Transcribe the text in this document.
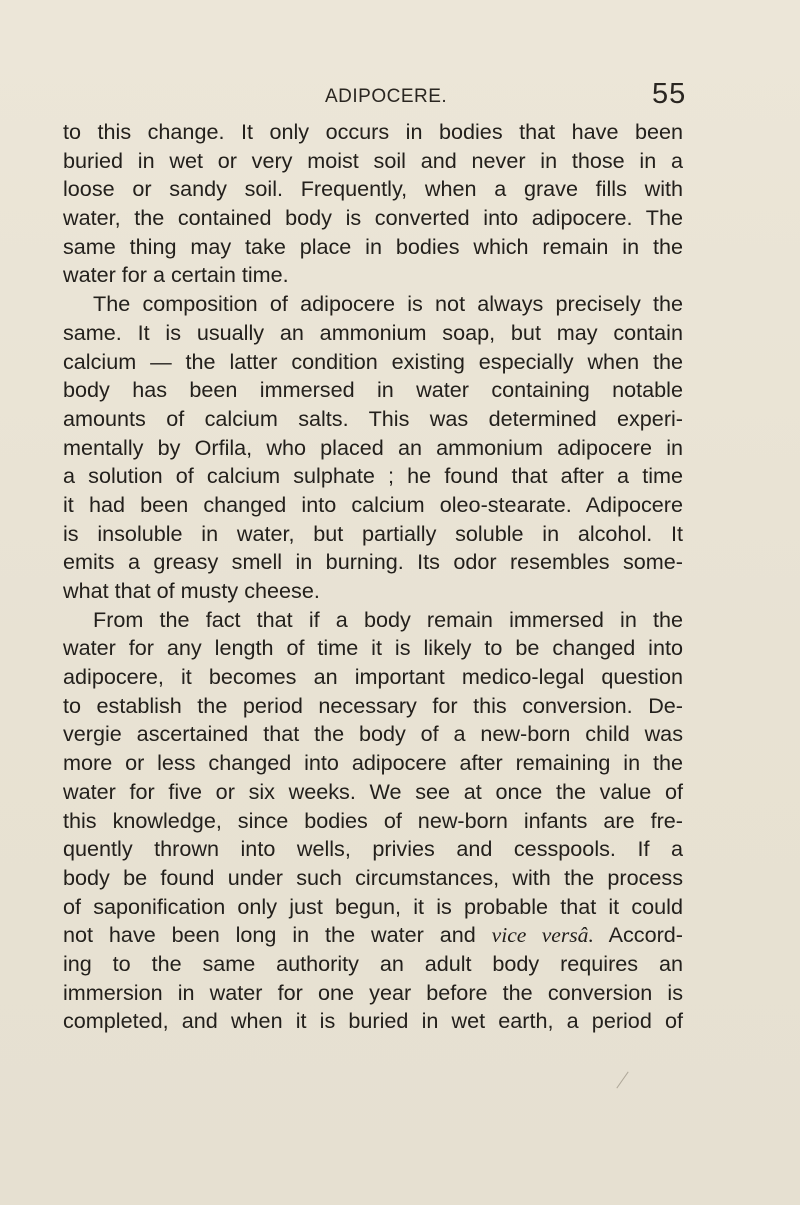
ADIPOCERE.	55
to this change. It only occurs in bodies that have been
buried in wet or very moist soil and never in those in a
loose or sandy soil. Frequently, when a grave fills with
water, the contained body is converted into adipocere. The
same thing may take place in bodies which remain in the
water for a certain time.
The composition of adipocere is not always precisely the
same. It is usually an ammonium soap, but may contain
calcium — the latter condition existing especially when the
body has been immersed in water containing notable
amounts of calcium salts. This was determined experi-
mentally by Orfila, who placed an ammonium adipocere in
a solution of calcium sulphate ; he found that after a time
it had been changed into calcium oleo-stearate. Adipocere
is insoluble in water, but partially soluble in alcohol. It
emits a greasy smell in burning. Its odor resembles some-
what that of musty cheese.
From the fact that if a body remain immersed in the
water for any length of time it is likely to be changed into
adipocere, it becomes an important medico-legal question
to establish the period necessary for this conversion. De-
vergie ascertained that the body of a new-born child was
more or less changed into adipocere after remaining in the
water for five or six weeks. We see at once the value of
this knowledge, since bodies of new-born infants are fre-
quently thrown into wells, privies and cesspools. If a
body be found under such circumstances, with the process
of saponification only just begun, it is probable that it could
not have been long in the water and vice versâ. Accord-
ing to the same authority an adult body requires an
immersion in water for one year before the conversion is
completed, and when it is buried in wet earth, a period of
